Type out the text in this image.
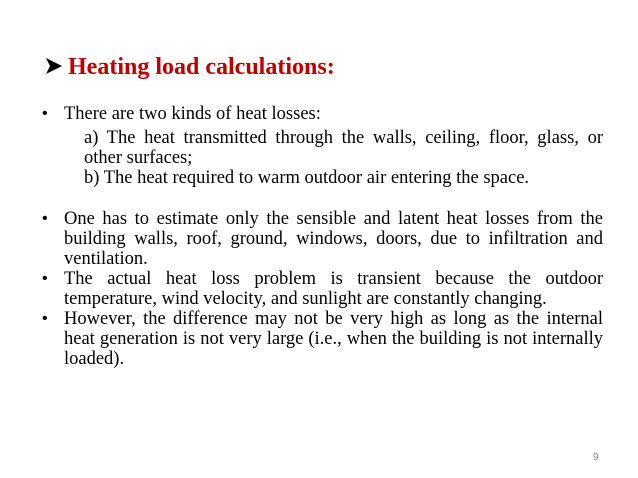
Heating load calculations:
• There are two kinds of heat losses:
a) The heat transmitted through the walls, ceiling, floor, glass, or other surfaces;
b) The heat required to warm outdoor air entering the space.
• One has to estimate only the sensible and latent heat losses from the building walls, roof, ground, windows, doors, due to infiltration and ventilation.
• The actual heat loss problem is transient because the outdoor temperature, wind velocity, and sunlight are constantly changing.
• However, the difference may not be very high as long as the internal heat generation is not very large (i.e., when the building is not internally loaded).
9
